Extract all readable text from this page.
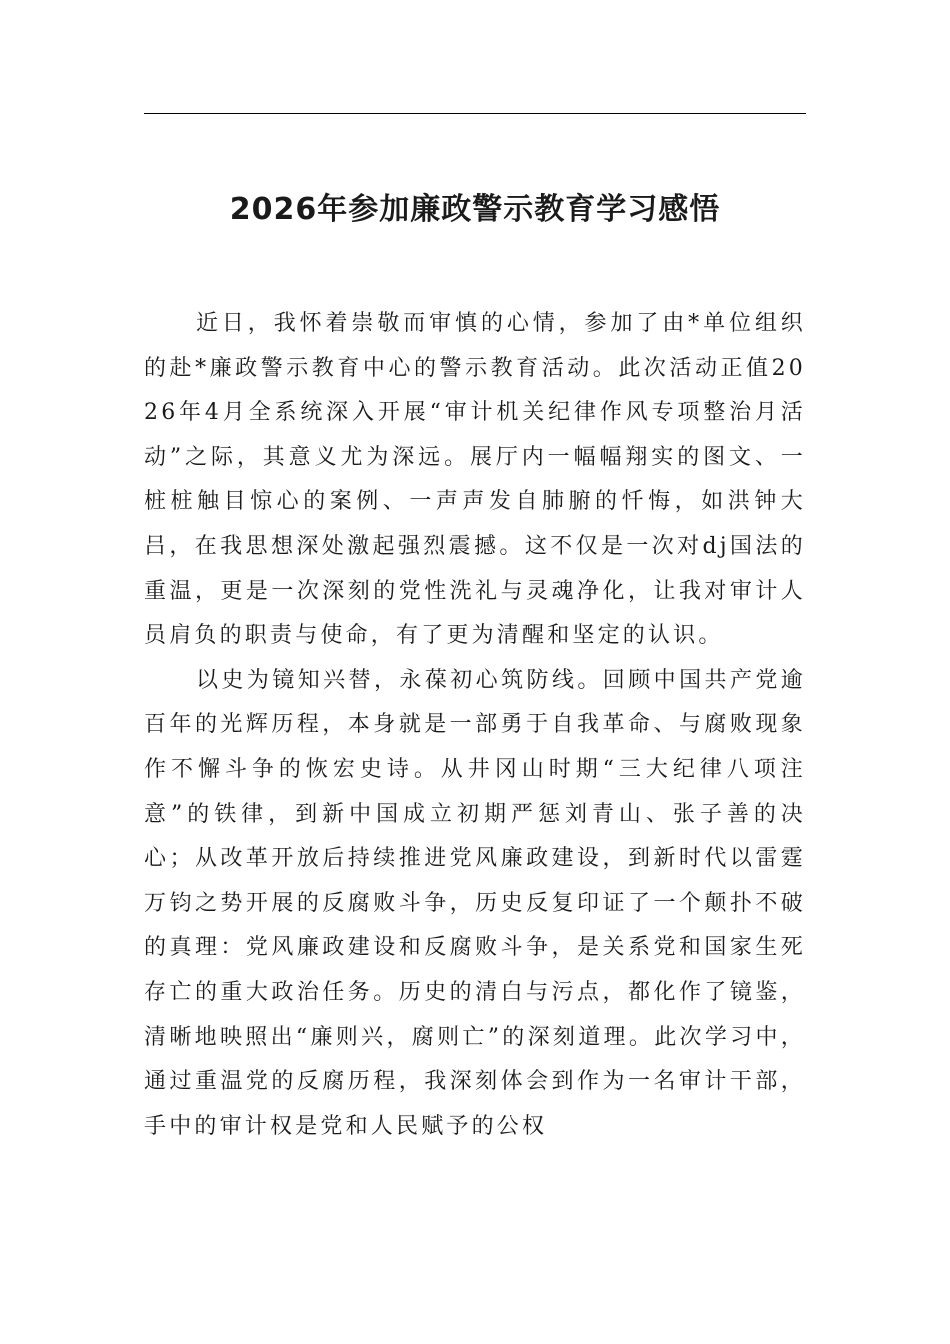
2026年参加廉政警示教育学习感悟

近日，我怀着崇敬而审慎的心情，参加了由*单位组织的赴*廉政警示教育中心的警示教育活动。此次活动正值2026年4月全系统深入开展“审计机关纪律作风专项整治月活动”之际，其意义尤为深远。展厅内一幅幅翔实的图文、一桩桩触目惊心的案例、一声声发自肺腑的忏悔，如洪钟大吕，在我思想深处激起强烈震撼。这不仅是一次对dj国法的重温，更是一次深刻的党性洗礼与灵魂净化，让我对审计人员肩负的职责与使命，有了更为清醒和坚定的认识。

以史为镜知兴替，永葆初心筑防线。回顾中国共产党逾百年的光辉历程，本身就是一部勇于自我革命、与腐败现象作不懈斗争的恢宏史诗。从井冈山时期“三大纪律八项注意”的铁律，到新中国成立初期严惩刘青山、张子善的决心；从改革开放后持续推进党风廉政建设，到新时代以雷霆万钧之势开展的反腐败斗争，历史反复印证了一个颠扑不破的真理：党风廉政建设和反腐败斗争，是关系党和国家生死存亡的重大政治任务。历史的清白与污点，都化作了镜鉴，清晰地映照出“廉则兴，腐则亡”的深刻道理。此次学习中，通过重温党的反腐历程，我深刻体会到作为一名审计干部，手中的审计权是党和人民赋予的公权
